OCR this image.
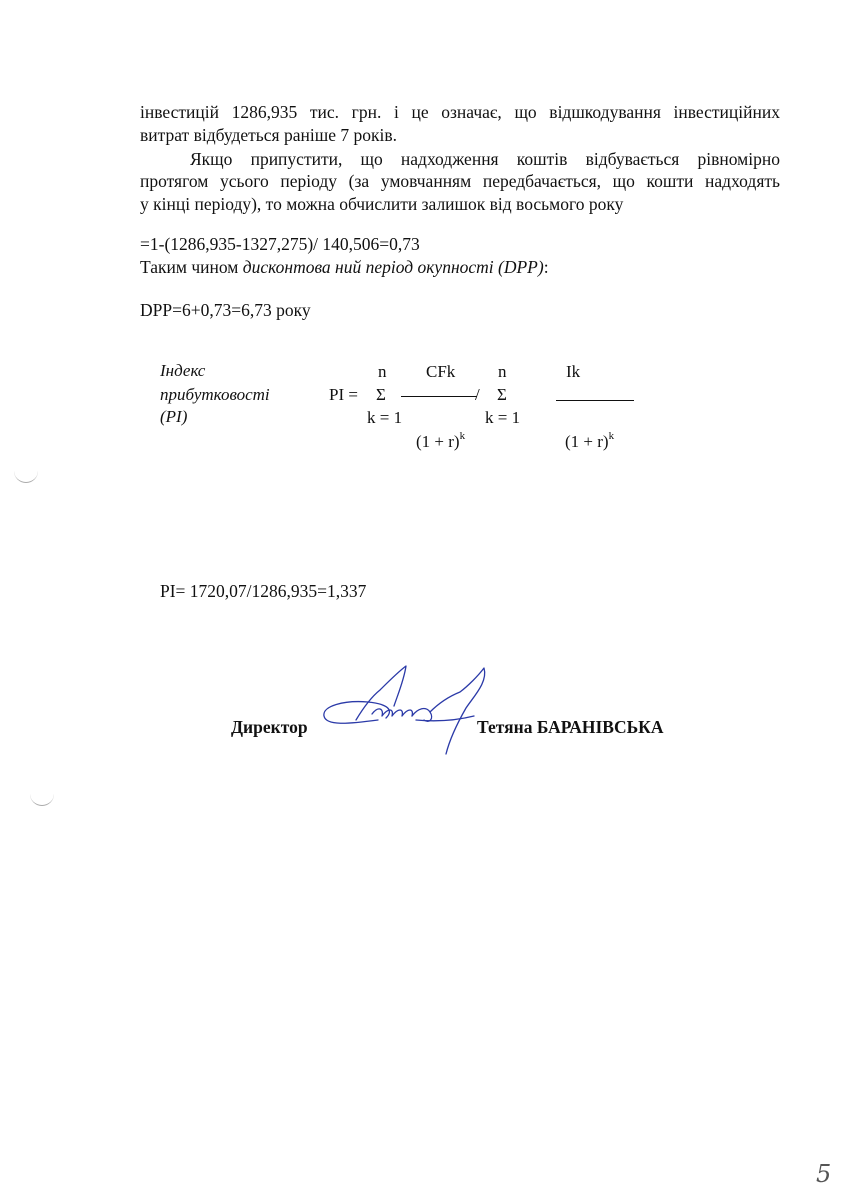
інвестицій 1286,935 тис. грн. і це означає, що відшкодування інвестиційних
витрат відбудеться раніше 7 років.
Якщо припустити, що надходження коштів відбувається рівномірно
протягом усього періоду (за умовчанням передбачається, що кошти надходять
у кінці періоду), то можна обчислити залишок від восьмого року
=1-(1286,935-1327,275)/ 140,506=0,73
Таким чином дисконтова ний період окупності (DPP):
DPP=6+0,73=6,73 року
Індекс
прибутковості
(PI)
PI =
n
Σ
k = 1
CFk
/
$(1 + r)^k$
n
Σ
k = 1
Ik
$(1 + r)^k$
PI= 1720,07/1286,935=1,337
Директор	Тетяна БАРАНІВСЬКА
5
